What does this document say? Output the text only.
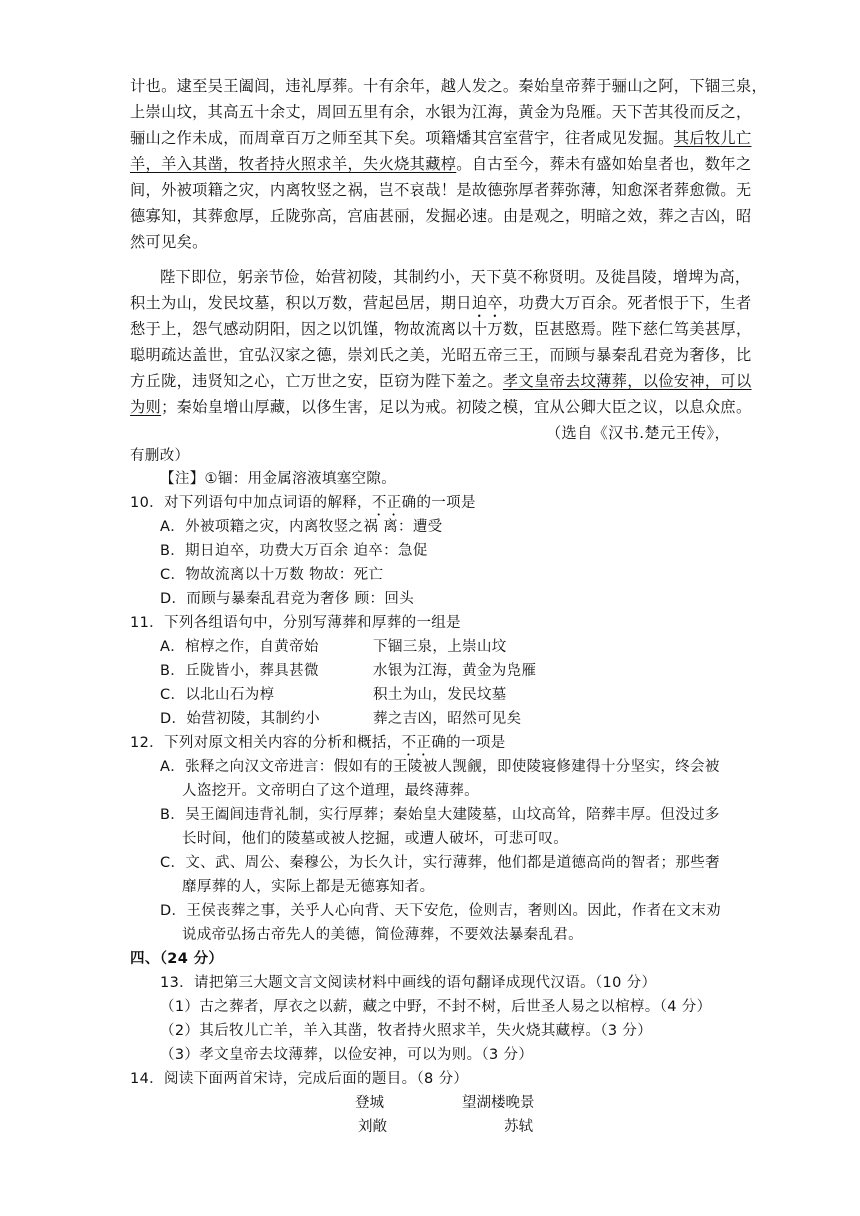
计也。逮至吴王阖闾，违礼厚葬。十有余年，越人发之。秦始皇帝葬于骊山之阿，下锢三泉，

上崇山坟，其高五十余丈，周回五里有余，水银为江海，黄金为凫雁。天下苦其役而反之，

骊山之作未成，而周章百万之师至其下矣。项籍燔其宫室营宇，往者咸见发掘。其后牧儿亡

羊，羊入其凿，牧者持火照求羊，失火烧其藏椁。自古至今，葬未有盛如始皇者也，数年之

间，外被项籍之灾，内离牧竖之祸，岂不哀哉！是故德弥厚者葬弥薄，知愈深者葬愈微。无

德寡知，其葬愈厚，丘陇弥高，宫庙甚丽，发掘必速。由是观之，明暗之效，葬之吉凶，昭

然可见矣。

陛下即位，躬亲节俭，始营初陵，其制约小，天下莫不称贤明。及徙昌陵，增埤为高，

积土为山，发民坟墓，积以万数，营起邑居，期日迫卒，功费大万百余。死者恨于下，生者

愁于上，怨气感动阴阳，因之以饥馑，物故流离以十万数，臣甚愍焉。陛下慈仁笃美甚厚，

聪明疏达盖世，宜弘汉家之德，崇刘氏之美，光昭五帝三王，而顾与暴秦乱君竞为奢侈，比

方丘陇，违贤知之心，亡万世之安，臣窃为陛下羞之。孝文皇帝去坟薄葬，以俭安神，可以

为则；秦始皇增山厚藏，以侈生害，足以为戒。初陵之模，宜从公卿大臣之议，以息众庶。

（选自《汉书.楚元王传》，

有删改）

【注】①锢：用金属溶液填塞空隙。

10．对下列语句中加点词语的解释，不正确的一项是

A．外被项籍之灾，内离牧竖之祸 离：遭受

B．期日迫卒，功费大万百余 迫卒：急促

C．物故流离以十万数 物故：死亡

D．而顾与暴秦乱君竞为奢侈 顾：回头

11．下列各组语句中，分别写薄葬和厚葬的一组是

A．棺椁之作，自黄帝始	下锢三泉，上崇山坟

B．丘陇皆小，葬具甚微	水银为江海，黄金为凫雁

C．以北山石为椁	积土为山，发民坟墓

D．始营初陵，其制约小	葬之吉凶，昭然可见矣

12．下列对原文相关内容的分析和概括，不正确的一项是

A．张释之向汉文帝进言：假如有的王陵被人觊觎，即使陵寝修建得十分坚实，终会被

人盗挖开。文帝明白了这个道理，最终薄葬。

B．吴王阖闾违背礼制，实行厚葬；秦始皇大建陵墓，山坟高耸，陪葬丰厚。但没过多

长时间，他们的陵墓或被人挖掘，或遭人破坏，可悲可叹。

C．文、武、周公、秦穆公，为长久计，实行薄葬，他们都是道德高尚的智者；那些奢

靡厚葬的人，实际上都是无德寡知者。

D．王侯丧葬之事，关乎人心向背、天下安危，俭则吉，奢则凶。因此，作者在文末劝

说成帝弘扬古帝先人的美德，简俭薄葬，不要效法暴秦乱君。

四、（24 分）

13．请把第三大题文言文阅读材料中画线的语句翻译成现代汉语。（10 分）

（1）古之葬者，厚衣之以薪，藏之中野，不封不树，后世圣人易之以棺椁。（4 分）

（2）其后牧儿亡羊，羊入其凿，牧者持火照求羊，失火烧其藏椁。（3 分）

（3）孝文皇帝去坟薄葬，以俭安神，可以为则。（3 分）

14．阅读下面两首宋诗，完成后面的题目。（8 分）

登城	望湖楼晚景
刘敞	苏轼
